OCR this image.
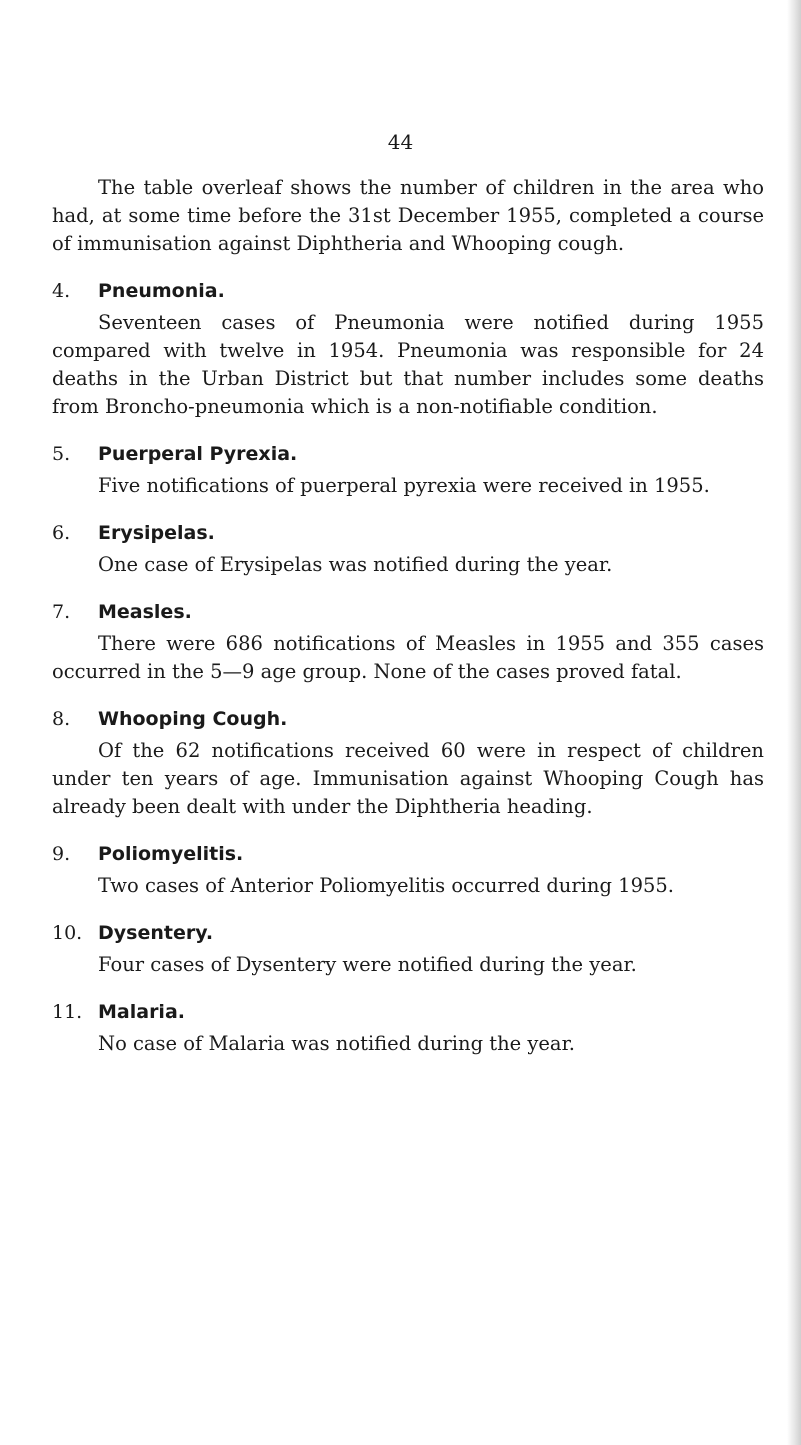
44

The table overleaf shows the number of children in the area who had, at some time before the 31st December 1955, completed a course of immunisation against Diphtheria and Whooping cough.

4. Pneumonia.

Seventeen cases of Pneumonia were notified during 1955 compared with twelve in 1954. Pneumonia was responsible for 24 deaths in the Urban District but that number includes some deaths from Broncho-pneumonia which is a non-notifiable condition.

5. Puerperal Pyrexia.

Five notifications of puerperal pyrexia were received in 1955.

6. Erysipelas.

One case of Erysipelas was notified during the year.

7. Measles.

There were 686 notifications of Measles in 1955 and 355 cases occurred in the 5—9 age group. None of the cases proved fatal.

8. Whooping Cough.

Of the 62 notifications received 60 were in respect of children under ten years of age. Immunisation against Whooping Cough has already been dealt with under the Diphtheria heading.

9. Poliomyelitis.

Two cases of Anterior Poliomyelitis occurred during 1955.

10. Dysentery.

Four cases of Dysentery were notified during the year.

11. Malaria.

No case of Malaria was notified during the year.
